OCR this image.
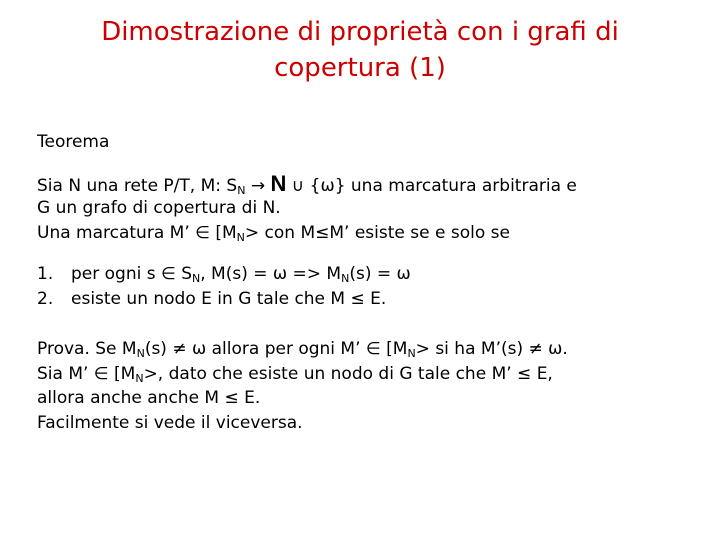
Dimostrazione di proprietà con i grafi di
copertura (1)
Teorema
Sia N una rete P/T, M: $S_N \to N$ ∪ {ω} una marcatura arbitraria e
G un grafo di copertura di N.
Una marcatura M’ ∈ [$M_N>$ con M≤M’ esiste se e solo se
1. per ogni s ∈ $S_N$, $M(s) = \omega => M_N(s) = \omega$
2. esiste un nodo E in G tale che M ≤ E.
Prova. Se $M_N(s) \ne \omega$ allora per ogni M’ ∈ [$M_N>$ si ha M’(s) ≠ ω.
Sia M’ ∈ [$M_N>$, dato che esiste un nodo di G tale che M’ ≤ E,
allora anche anche M ≤ E.
Facilmente si vede il viceversa.
